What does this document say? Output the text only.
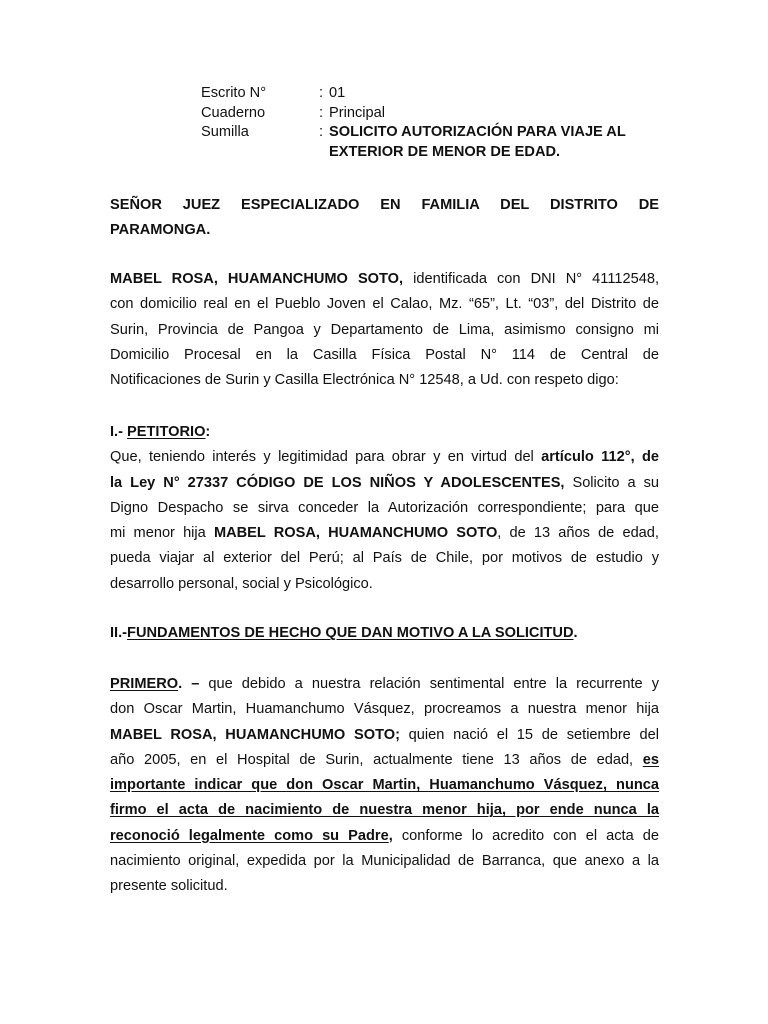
Escrito N°	: 01
Cuaderno	: Principal
Sumilla	: SOLICITO AUTORIZACIÓN PARA VIAJE AL
EXTERIOR DE MENOR DE EDAD.
SEÑOR JUEZ ESPECIALIZADO EN FAMILIA DEL DISTRITO DE
PARAMONGA.
MABEL ROSA, HUAMANCHUMO SOTO, identificada con DNI N° 41112548,
con domicilio real en el Pueblo Joven el Calao, Mz. “65”, Lt. “03”, del Distrito de
Surin, Provincia de Pangoa y Departamento de Lima, asimismo consigno mi
Domicilio Procesal en la Casilla Física Postal N° 114 de Central de
Notificaciones de Surin y Casilla Electrónica N° 12548, a Ud. con respeto digo:
I.- PETITORIO:
Que, teniendo interés y legitimidad para obrar y en virtud del artículo 112°, de
la Ley N° 27337 CÓDIGO DE LOS NIÑOS Y ADOLESCENTES, Solicito a su
Digno Despacho se sirva conceder la Autorización correspondiente; para que
mi menor hija MABEL ROSA, HUAMANCHUMO SOTO, de 13 años de edad,
pueda viajar al exterior del Perú; al País de Chile, por motivos de estudio y
desarrollo personal, social y Psicológico.
II.-FUNDAMENTOS DE HECHO QUE DAN MOTIVO A LA SOLICITUD.
PRIMERO. – que debido a nuestra relación sentimental entre la recurrente y
don Oscar Martin, Huamanchumo Vásquez, procreamos a nuestra menor hija
MABEL ROSA, HUAMANCHUMO SOTO; quien nació el 15 de setiembre del
año 2005, en el Hospital de Surin, actualmente tiene 13 años de edad, es
importante indicar que don Oscar Martin, Huamanchumo Vásquez, nunca
firmo el acta de nacimiento de nuestra menor hija, por ende nunca la
reconoció legalmente como su Padre, conforme lo acredito con el acta de
nacimiento original, expedida por la Municipalidad de Barranca, que anexo a la
presente solicitud.
